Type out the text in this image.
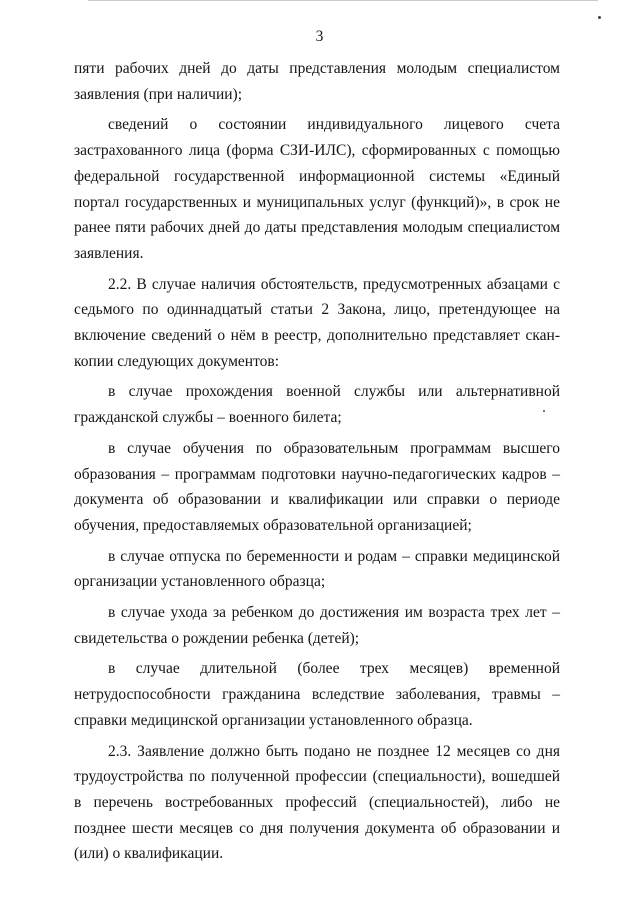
3

пяти рабочих дней до даты представления молодым специалистом заявления (при наличии);

сведений о состоянии индивидуального лицевого счета застрахованного лица (форма СЗИ-ИЛС), сформированных с помощью федеральной государственной информационной системы «Единый портал государственных и муниципальных услуг (функций)», в срок не ранее пяти рабочих дней до даты представления молодым специалистом заявления.

2.2. В случае наличия обстоятельств, предусмотренных абзацами с седьмого по одиннадцатый статьи 2 Закона, лицо, претендующее на включение сведений о нём в реестр, дополнительно представляет скан-копии следующих документов:

в случае прохождения военной службы или альтернативной гражданской службы – военного билета;

в случае обучения по образовательным программам высшего образования – программам подготовки научно-педагогических кадров – документа об образовании и квалификации или справки о периоде обучения, предоставляемых образовательной организацией;

в случае отпуска по беременности и родам – справки медицинской организации установленного образца;

в случае ухода за ребенком до достижения им возраста трех лет – свидетельства о рождении ребенка (детей);

в случае длительной (более трех месяцев) временной нетрудоспособности гражданина вследствие заболевания, травмы – справки медицинской организации установленного образца.

2.3. Заявление должно быть подано не позднее 12 месяцев со дня трудоустройства по полученной профессии (специальности), вошедшей в перечень востребованных профессий (специальностей), либо не позднее шести месяцев со дня получения документа об образовании и (или) о квалификации.
